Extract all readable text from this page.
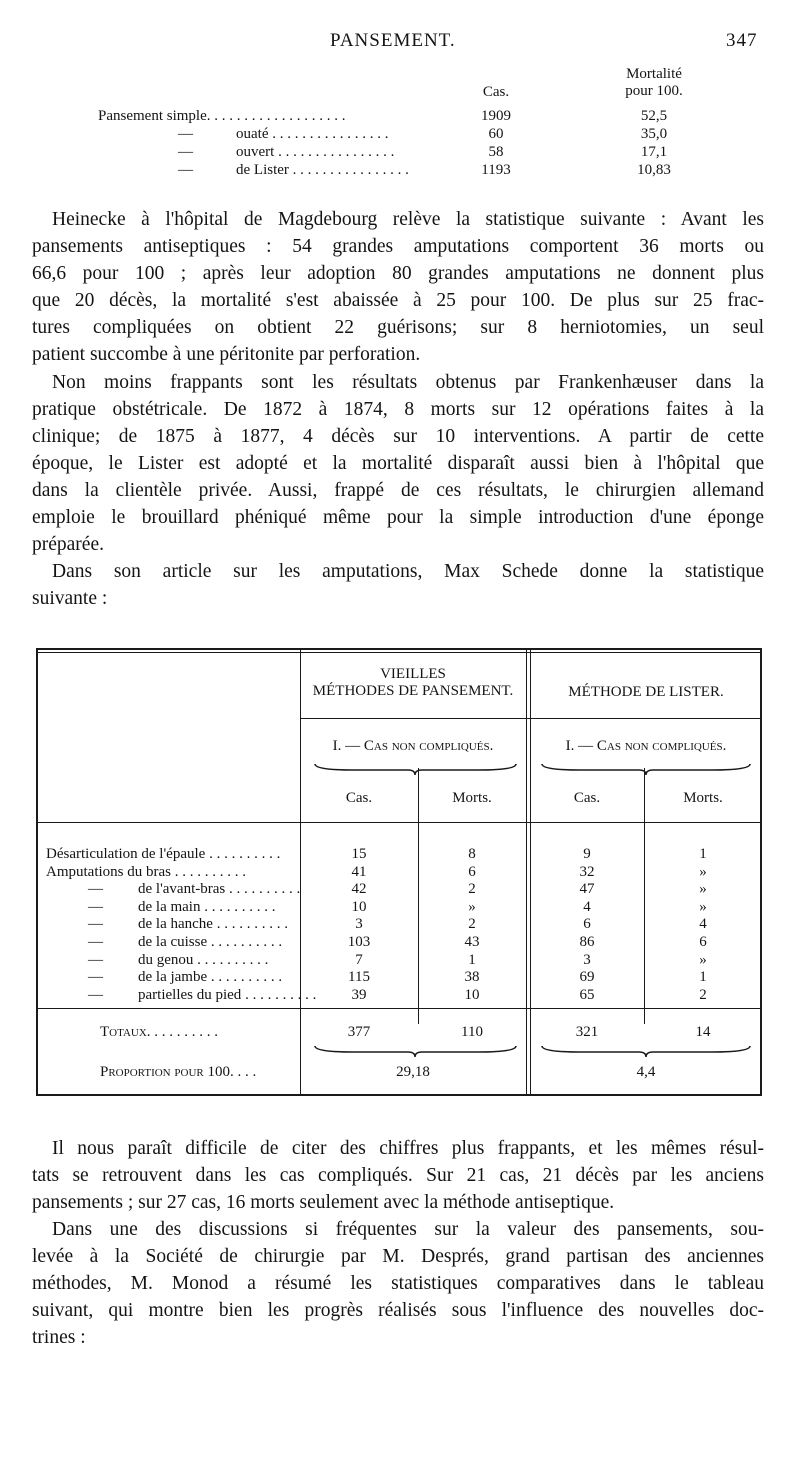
PANSEMENT.	347
Mortalité
pour 100.
Cas.
Pansement simple. . . . . . . . . . . . . . . . . . .	1909	52,5
—	ouaté . . . . . . . . . . . . . . . .	60	35,0
—	ouvert . . . . . . . . . . . . . . . .	58	17,1
—	de Lister . . . . . . . . . . . . . . . .	1193	10,83
Heinecke à l'hôpital de Magdebourg relève la statistique suivante : Avant les
pansements antiseptiques : 54 grandes amputations comportent 36 morts ou
66,6 pour 100 ; après leur adoption 80 grandes amputations ne donnent plus
que 20 décès, la mortalité s'est abaissée à 25 pour 100. De plus sur 25 frac-
tures compliquées on obtient 22 guérisons; sur 8 herniotomies, un seul
patient succombe à une péritonite par perforation.
Non moins frappants sont les résultats obtenus par Frankenhæuser dans la
pratique obstétricale. De 1872 à 1874, 8 morts sur 12 opérations faites à la
clinique; de 1875 à 1877, 4 décès sur 10 interventions. A partir de cette
époque, le Lister est adopté et la mortalité disparaît aussi bien à l'hôpital que
dans la clientèle privée. Aussi, frappé de ces résultats, le chirurgien allemand
emploie le brouillard phéniqué même pour la simple introduction d'une éponge
préparée.
Dans son article sur les amputations, Max Schede donne la statistique
suivante :
VIEILLES
MÉTHODES DE PANSEMENT.	MÉTHODE DE LISTER.
I. — Cas non compliqués.	I. — Cas non compliqués.
Cas.	Morts.	Cas.	Morts.
Désarticulation de l'épaule . . . . . . . . . .	15	8	9	1
Amputations du bras . . . . . . . . . .	41	6	32	»
— de l'avant-bras . . . . . . . . . .	42	2	47	»
— de la main . . . . . . . . . .	10	»	4	»
— de la hanche . . . . . . . . . .	3	2	6	4
— de la cuisse . . . . . . . . . .	103	43	86	6
— du genou . . . . . . . . . .	7	1	3	»
— de la jambe . . . . . . . . . .	115	38	69	1
— partielles du pied . . . . . . . . . .	39	10	65	2
Totaux. . . . . . . . . .	377	110	321	14
Proportion pour 100. . . .	29,18	4,4
Il nous paraît difficile de citer des chiffres plus frappants, et les mêmes résul-
tats se retrouvent dans les cas compliqués. Sur 21 cas, 21 décès par les anciens
pansements ; sur 27 cas, 16 morts seulement avec la méthode antiseptique.
Dans une des discussions si fréquentes sur la valeur des pansements, sou-
levée à la Société de chirurgie par M. Després, grand partisan des anciennes
méthodes, M. Monod a résumé les statistiques comparatives dans le tableau
suivant, qui montre bien les progrès réalisés sous l'influence des nouvelles doc-
trines :
